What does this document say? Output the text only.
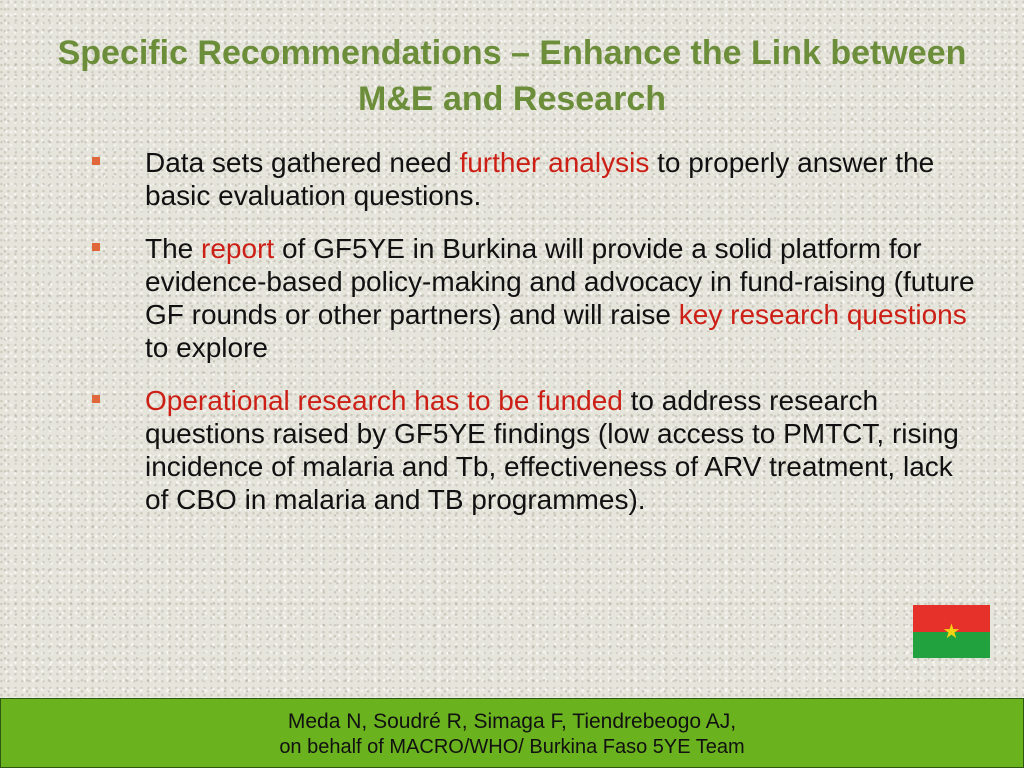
Specific Recommendations – Enhance the Link between M&E and Research
Data sets gathered need further analysis to properly answer the basic evaluation questions.
The report of GF5YE in Burkina will provide a solid platform for evidence-based policy-making and advocacy in fund-raising (future GF rounds or other partners) and will raise key research questions to explore
Operational research has to be funded to address research questions raised by GF5YE findings (low access to PMTCT, rising incidence of malaria and Tb, effectiveness of ARV treatment, lack of CBO in malaria and TB programmes).
★
Meda N, Soudré R, Simaga F, Tiendrebeogo AJ,
on behalf of MACRO/WHO/ Burkina Faso 5YE Team
